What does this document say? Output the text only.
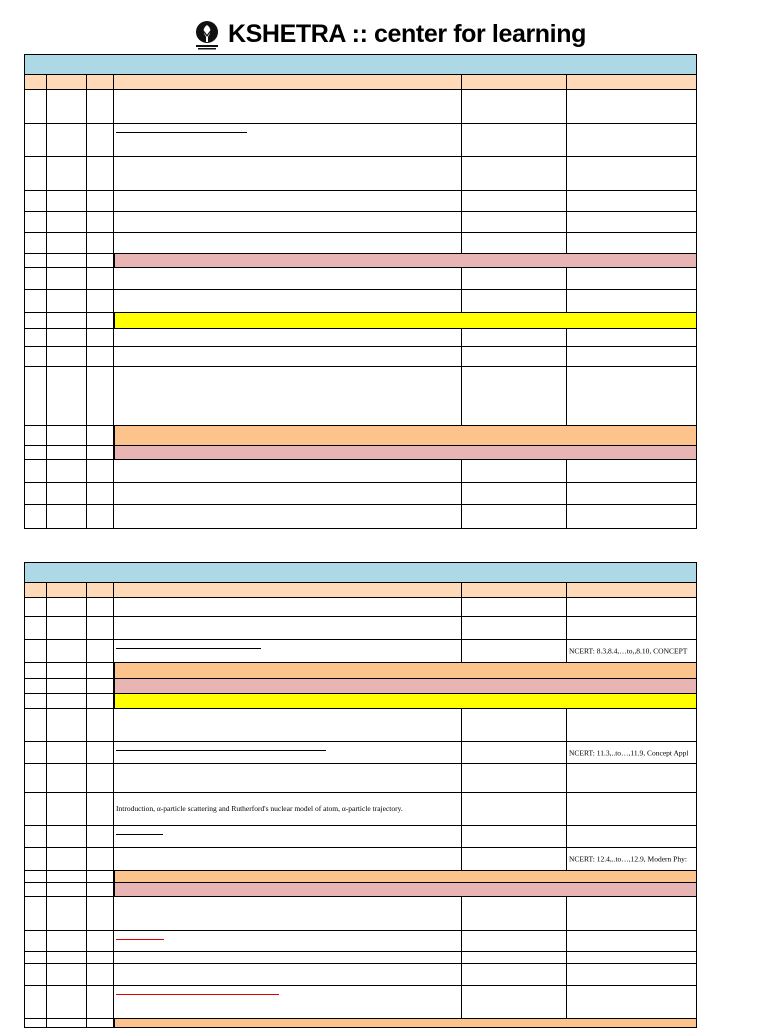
KSHETRA :: center for learning
NCERT: 8.3,8.4,…to,,8.10, CONCEPT
NCERT: 11.3,..to…,11.9, Concept Appl
Introduction, α-particle scattering and Rutherford's nuclear model of atom, α-particle trajectory.
NCERT: 12.4,..to…,12.9, Modern Phy:
